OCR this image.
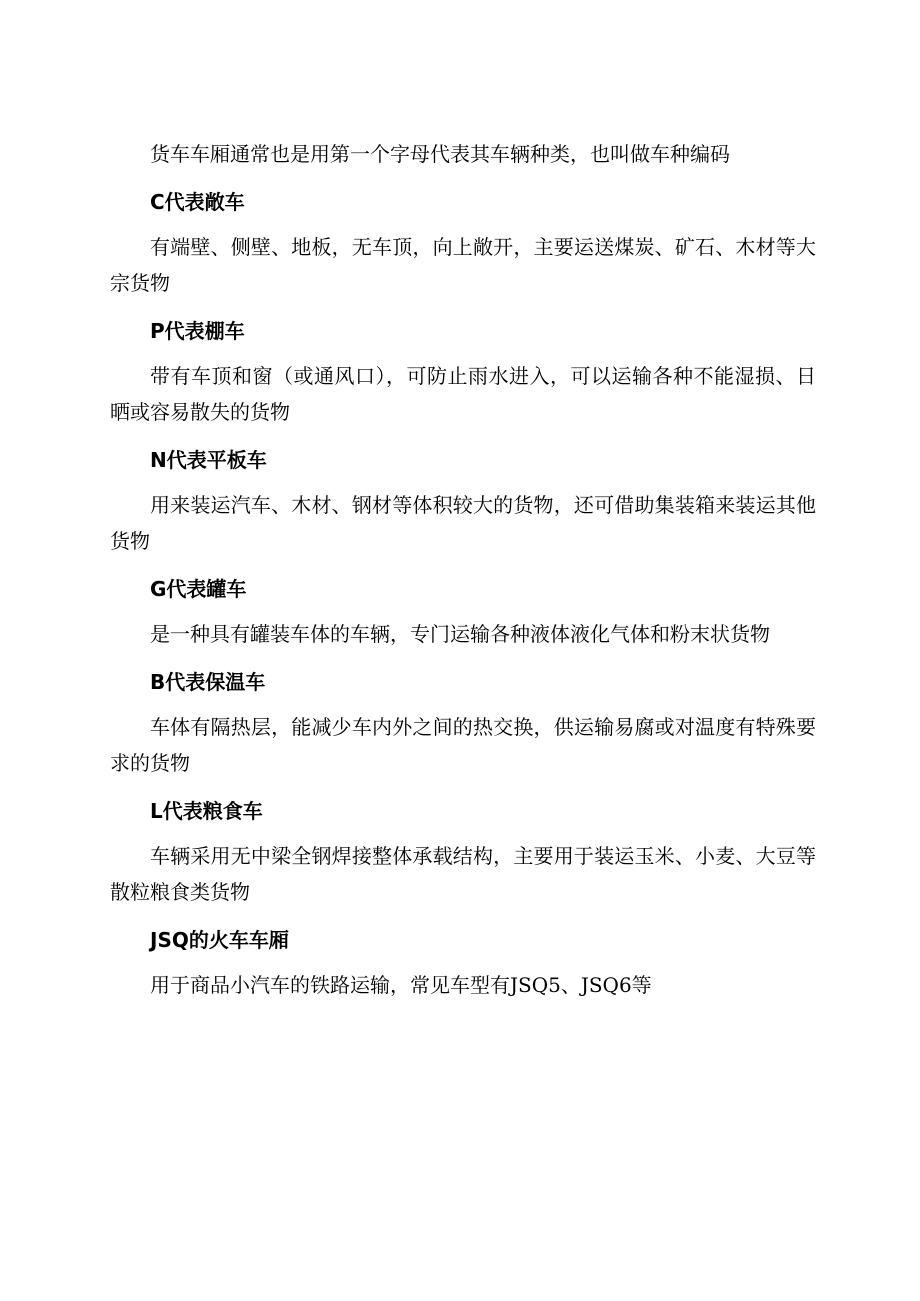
货车车厢通常也是用第一个字母代表其车辆种类，也叫做车种编码

C代表敞车

有端壁、侧壁、地板，无车顶，向上敞开，主要运送煤炭、矿石、木材等大宗货物

P代表棚车

带有车顶和窗（或通风口），可防止雨水进入，可以运输各种不能湿损、日晒或容易散失的货物

N代表平板车

用来装运汽车、木材、钢材等体积较大的货物，还可借助集装箱来装运其他货物

G代表罐车

是一种具有罐装车体的车辆，专门运输各种液体液化气体和粉末状货物

B代表保温车

车体有隔热层，能减少车内外之间的热交换，供运输易腐或对温度有特殊要求的货物

L代表粮食车

车辆采用无中梁全钢焊接整体承载结构，主要用于装运玉米、小麦、大豆等散粒粮食类货物

JSQ的火车车厢

用于商品小汽车的铁路运输，常见车型有JSQ5、JSQ6等
